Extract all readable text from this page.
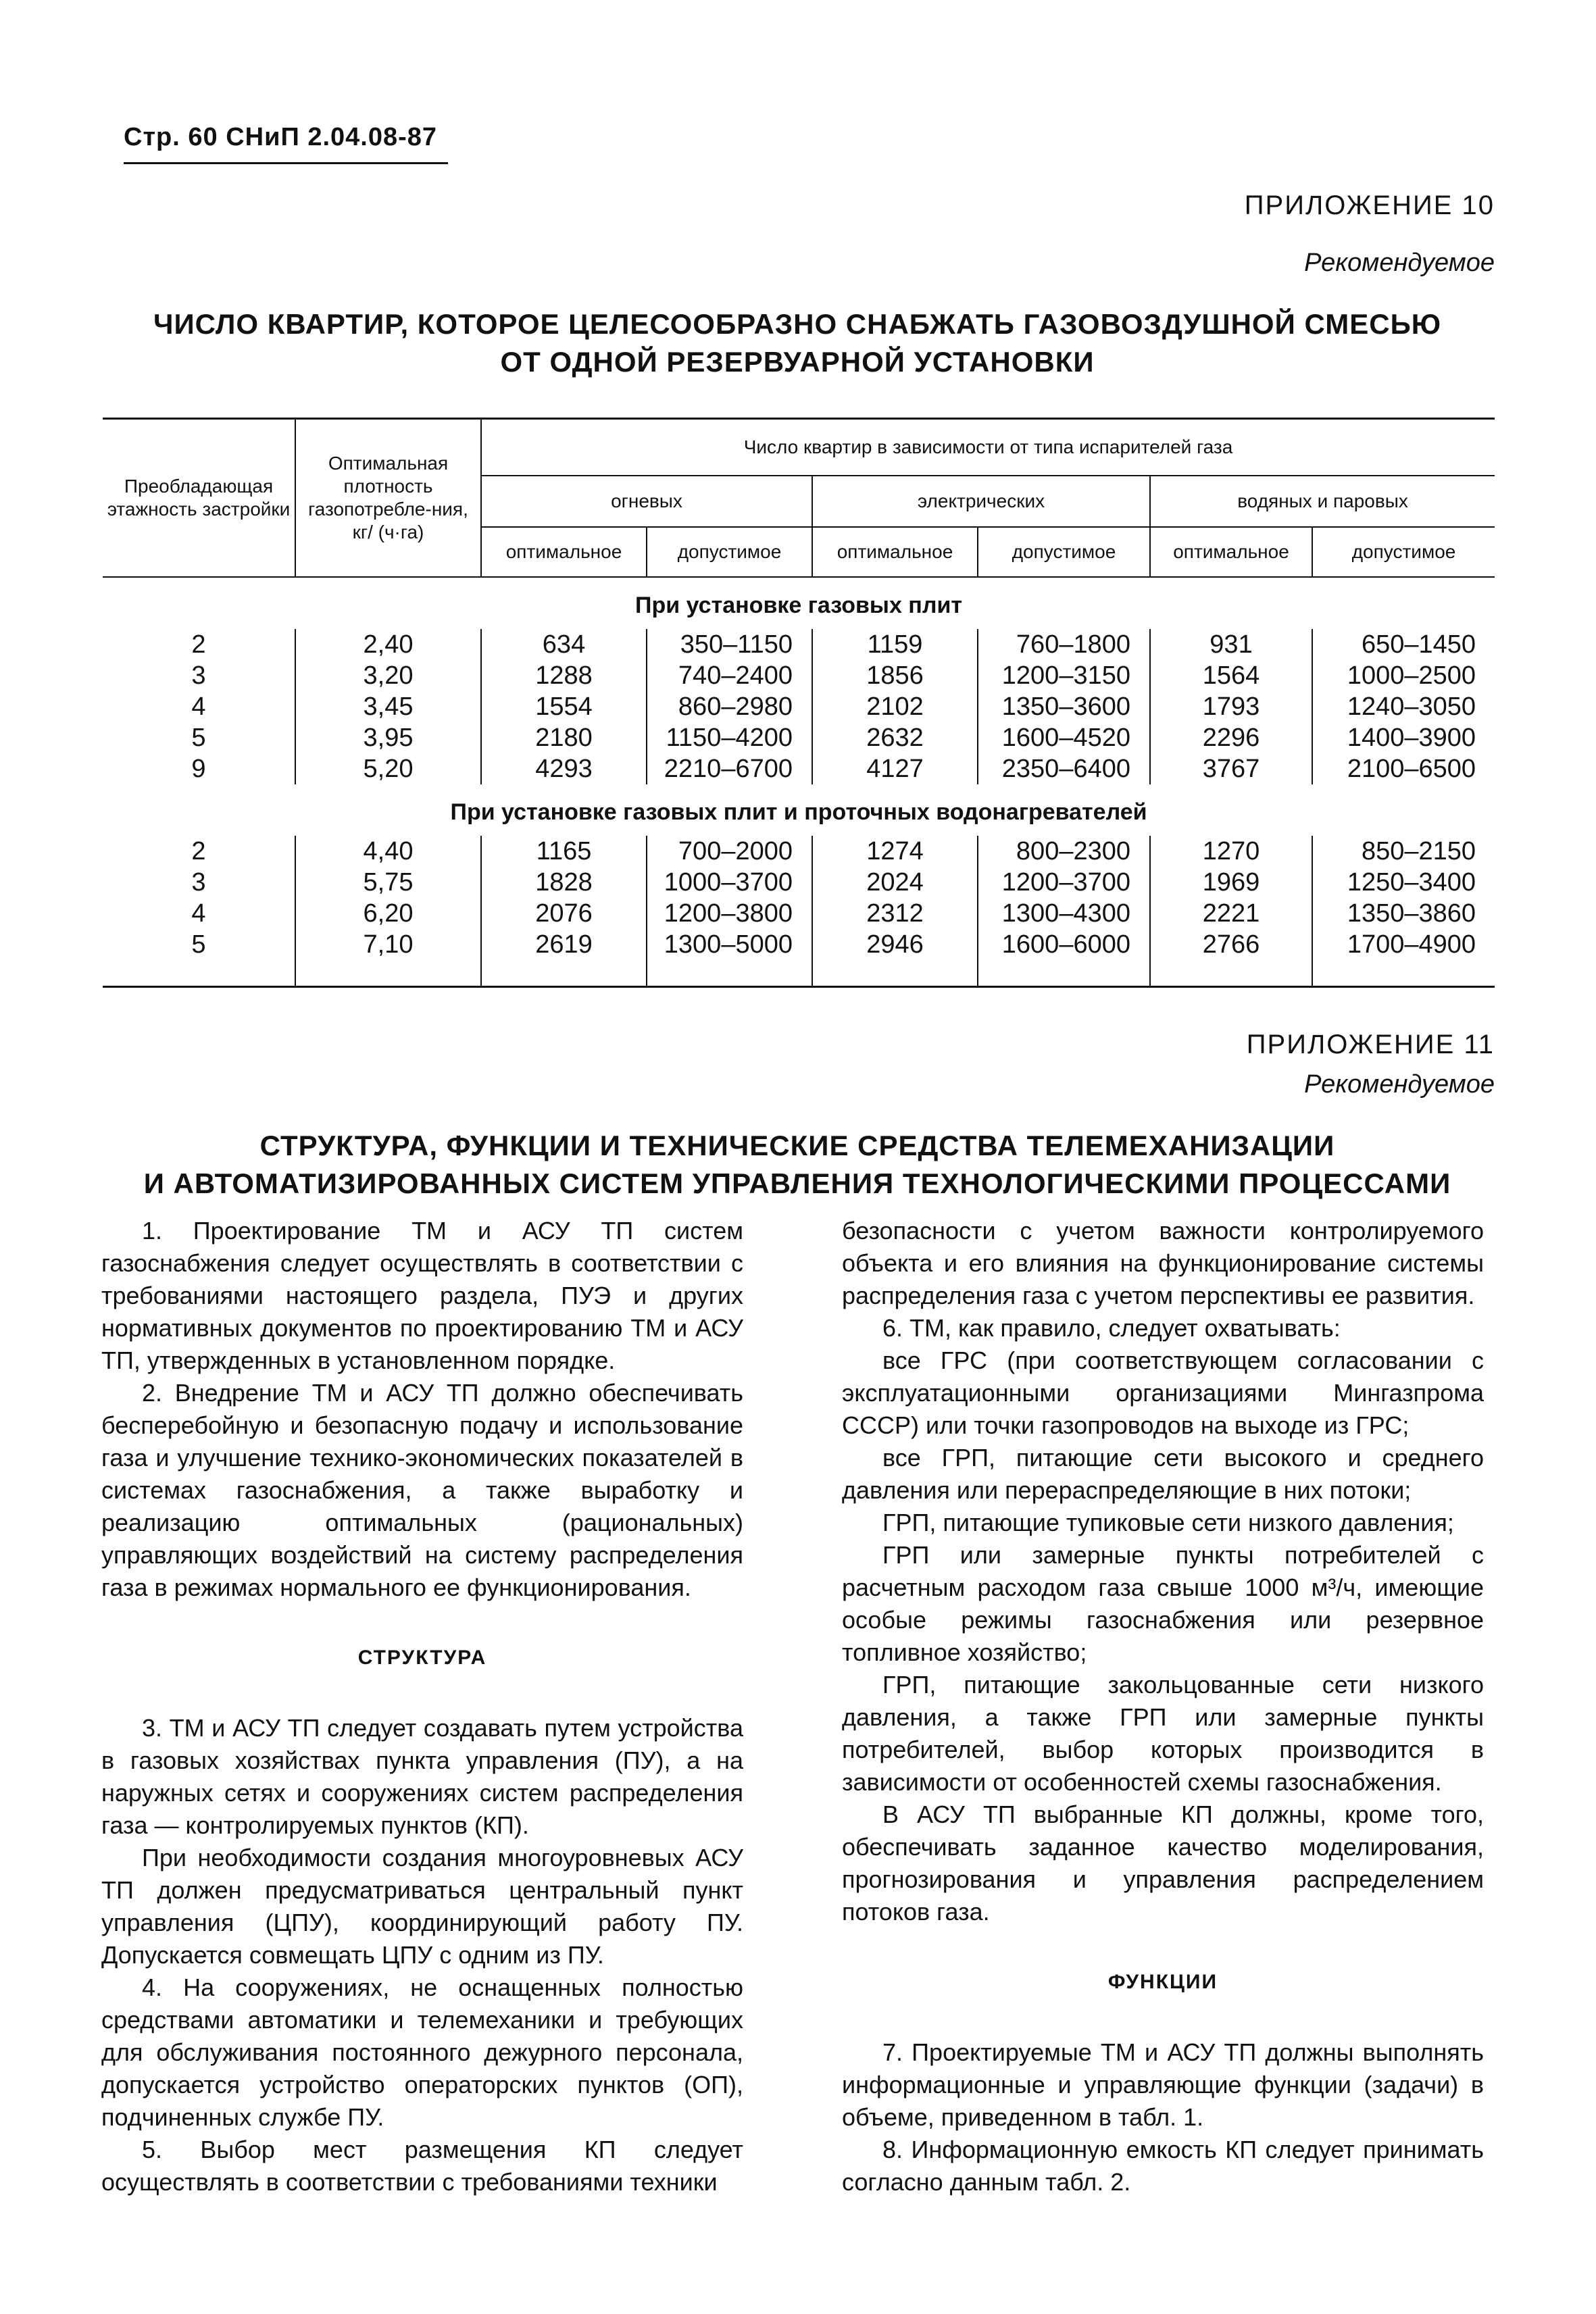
Стр. 60 СНиП 2.04.08-87
ПРИЛОЖЕНИЕ 10
Рекомендуемое
ЧИСЛО КВАРТИР, КОТОРОЕ ЦЕЛЕСООБРАЗНО СНАБЖАТЬ ГАЗОВОЗДУШНОЙ СМЕСЬЮ
ОТ ОДНОЙ РЕЗЕРВУАРНОЙ УСТАНОВКИ
Преобладающая этажность застройки	Оптимальная плотность газопотребле-ния, кг/ (ч·га)	Число квартир в зависимости от типа испарителей газа					
		огневых		электрических		водяных и паровых	
		оптимальное	допустимое	оптимальное	допустимое	оптимальное	допустимое
При установке газовых плит							
2	2,40	634	350–1150	1159	760–1800	931	650–1450
3	3,20	1288	740–2400	1856	1200–3150	1564	1000–2500
4	3,45	1554	860–2980	2102	1350–3600	1793	1240–3050
5	3,95	2180	1150–4200	2632	1600–4520	2296	1400–3900
9	5,20	4293	2210–6700	4127	2350–6400	3767	2100–6500
При установке газовых плит и проточных водонагревателей							
2	4,40	1165	700–2000	1274	800–2300	1270	850–2150
3	5,75	1828	1000–3700	2024	1200–3700	1969	1250–3400
4	6,20	2076	1200–3800	2312	1300–4300	2221	1350–3860
5	7,10	2619	1300–5000	2946	1600–6000	2766	1700–4900
ПРИЛОЖЕНИЕ 11
Рекомендуемое
СТРУКТУРА, ФУНКЦИИ И ТЕХНИЧЕСКИЕ СРЕДСТВА ТЕЛЕМЕХАНИЗАЦИИ
И АВТОМАТИЗИРОВАННЫХ СИСТЕМ УПРАВЛЕНИЯ ТЕХНОЛОГИЧЕСКИМИ ПРОЦЕССАМИ

1. Проектирование ТМ и АСУ ТП систем газоснабжения следует осуществлять в соответствии с требованиями настоящего раздела, ПУЭ и других нормативных документов по проектированию ТМ и АСУ ТП, утвержденных в установленном порядке.

2. Внедрение ТМ и АСУ ТП должно обеспечивать бесперебойную и безопасную подачу и использование газа и улучшение технико-экономических показателей в системах газоснабжения, а также выработку и реализацию оптимальных (рациональных) управляющих воздействий на систему распределения газа в режимах нормального ее функционирования.

СТРУКТУРА

3. ТМ и АСУ ТП следует создавать путем устройства в газовых хозяйствах пункта управления (ПУ), а на наружных сетях и сооружениях систем распределения газа — контролируемых пунктов (КП).

При необходимости создания многоуровневых АСУ ТП должен предусматриваться центральный пункт управления (ЦПУ), координирующий работу ПУ. Допускается совмещать ЦПУ с одним из ПУ.

4. На сооружениях, не оснащенных полностью средствами автоматики и телемеханики и требующих для обслуживания постоянного дежурного персонала, допускается устройство операторских пунктов (ОП), подчиненных службе ПУ.

5. Выбор мест размещения КП следует осуществлять в соответствии с требованиями техники

безопасности с учетом важности контролируемого объекта и его влияния на функционирование системы распределения газа с учетом перспективы ее развития.

6. ТМ, как правило, следует охватывать:

все ГРС (при соответствующем согласовании с эксплуатационными организациями Мингазпрома СССР) или точки газопроводов на выходе из ГРС;

все ГРП, питающие сети высокого и среднего давления или перераспределяющие в них потоки;

ГРП, питающие тупиковые сети низкого давления;

ГРП или замерные пункты потребителей с расчетным расходом газа свыше 1000 м³/ч, имеющие особые режимы газоснабжения или резервное топливное хозяйство;

ГРП, питающие закольцованные сети низкого давления, а также ГРП или замерные пункты потребителей, выбор которых производится в зависимости от особенностей схемы газоснабжения.

В АСУ ТП выбранные КП должны, кроме того, обеспечивать заданное качество моделирования, прогнозирования и управления распределением потоков газа.

ФУНКЦИИ

7. Проектируемые ТМ и АСУ ТП должны выполнять информационные и управляющие функции (задачи) в объеме, приведенном в табл. 1.

8. Информационную емкость КП следует принимать согласно данным табл. 2.
